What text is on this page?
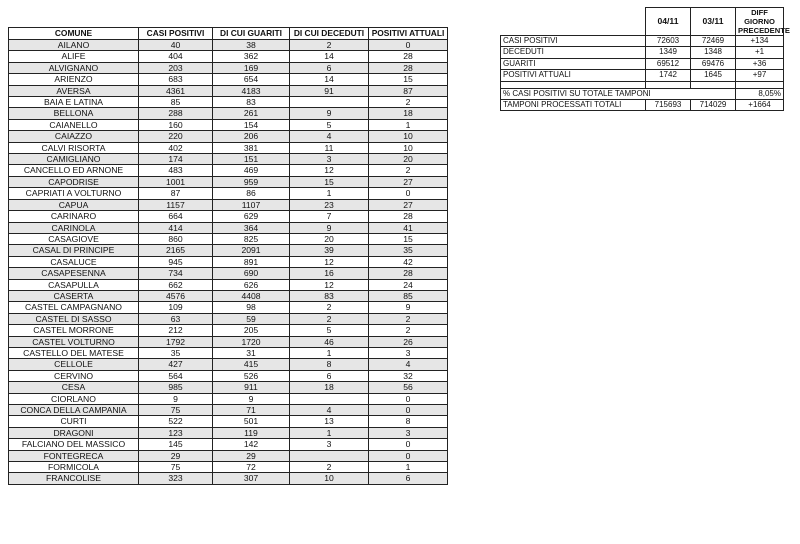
COMUNE	CASI POSITIVI	DI CUI GUARITI	DI CUI DECEDUTI	POSITIVI ATTUALI
AILANO	40	38	2	0
ALIFE	404	362	14	28
ALVIGNANO	203	169	6	28
ARIENZO	683	654	14	15
AVERSA	4361	4183	91	87
BAIA E LATINA	85	83		2
BELLONA	288	261	9	18
CAIANELLO	160	154	5	1
CAIAZZO	220	206	4	10
CALVI RISORTA	402	381	11	10
CAMIGLIANO	174	151	3	20
CANCELLO ED ARNONE	483	469	12	2
CAPODRISE	1001	959	15	27
CAPRIATI A VOLTURNO	87	86	1	0
CAPUA	1157	1107	23	27
CARINARO	664	629	7	28
CARINOLA	414	364	9	41
CASAGIOVE	860	825	20	15
CASAL DI PRINCIPE	2165	2091	39	35
CASALUCE	945	891	12	42
CASAPESENNA	734	690	16	28
CASAPULLA	662	626	12	24
CASERTA	4576	4408	83	85
CASTEL CAMPAGNANO	109	98	2	9
CASTEL DI SASSO	63	59	2	2
CASTEL MORRONE	212	205	5	2
CASTEL VOLTURNO	1792	1720	46	26
CASTELLO DEL MATESE	35	31	1	3
CELLOLE	427	415	8	4
CERVINO	564	526	6	32
CESA	985	911	18	56
CIORLANO	9	9		0
CONCA DELLA CAMPANIA	75	71	4	0
CURTI	522	501	13	8
DRAGONI	123	119	1	3
FALCIANO DEL MASSICO	145	142	3	0
FONTEGRECA	29	29		0
FORMICOLA	75	72	2	1
FRANCOLISE	323	307	10	6
	04/11	03/11	DIFF GIORNO PRECEDENTE
CASI POSITIVI	72603	72469	+134
DECEDUTI	1349	1348	+1
GUARITI	69512	69476	+36
POSITIVI ATTUALI	1742	1645	+97

% CASI POSITIVI SU TOTALE TAMPONI			8,05%
TAMPONI PROCESSATI TOTALI	715693	714029	+1664
